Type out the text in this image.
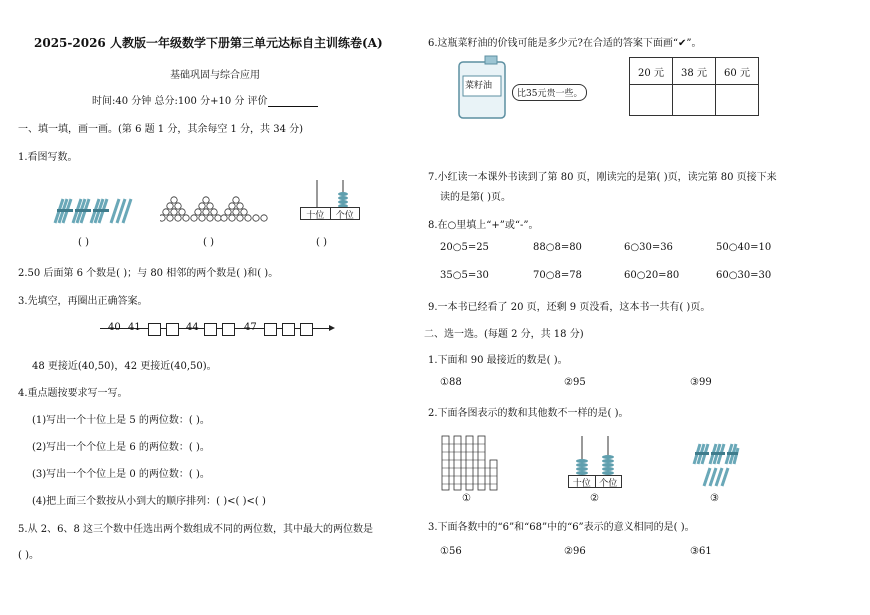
2025-2026 人教版一年级数学下册第三单元达标自主训练卷(A)
基础巩固与综合应用
时间:40 分钟 总分:100 分+10 分 评价
一、填一填，画一画。(第 6 题 1 分，其余每空 1 分，共 34 分)
1.看图写数。
十位	个位
( )	( )	( )
2.50 后面第 6 个数是( )；与 80 相邻的两个数是( )和( )。
3.先填空，再圈出正确答案。
40 41	44	47
48 更接近(40,50)，42 更接近(40,50)。
4.重点题按要求写一写。
(1)写出一个十位上是 5 的两位数：( )。
(2)写出一个个位上是 6 的两位数：( )。
(3)写出一个个位上是 0 的两位数：( )。
(4)把上面三个数按从小到大的顺序排列：( )<( )<( )
5.从 2、6、8 这三个数中任选出两个数组成不同的两位数，其中最大的两位数是
( )。
6.这瓶菜籽油的价钱可能是多少元?在合适的答案下面画“✔”。
菜籽油
比35元贵一些。
20 元	38 元	60 元

7.小红读一本课外书读到了第 80 页，刚读完的是第( )页，读完第 80 页接下来
读的是第( )页。
8.在○里填上“+”或“-”。
20○5=25	88○8=80	6○30=36	50○40=10
35○5=30	70○8=78	60○20=80	60○30=30
9.一本书已经看了 20 页，还剩 9 页没看，这本书一共有( )页。
二、选一选。(每题 2 分，共 18 分)
1.下面和 90 最接近的数是( )。
①88	②95	③99
2.下面各图表示的数和其他数不一样的是( )。
十位 个位
①	②	③
3.下面各数中的“6”和“68”中的“6”表示的意义相同的是( )。
①56	②96	③61
